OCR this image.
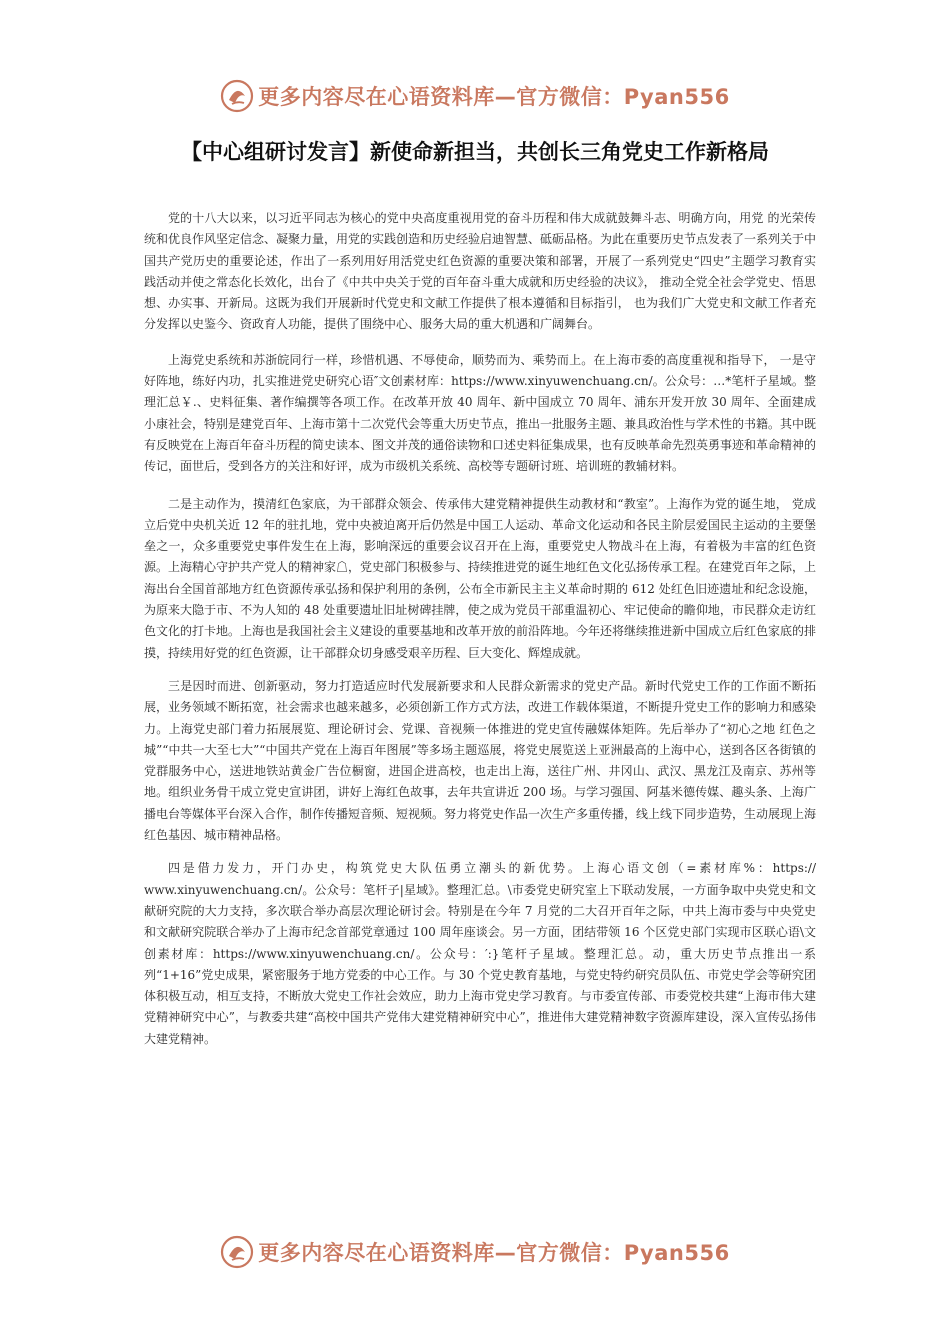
更多内容尽在心语资料库—官方微信：Pyan556
【中心组研讨发言】新使命新担当，共创长三角党史工作新格局

党的十八大以来，以习近平同志为核心的党中央高度重视用党的奋斗历程和伟大成就鼓舞斗志、明确方向，用党 的光荣传统和优良作风坚定信念、凝聚力量，用党的实践创造和历史经验启迪智慧、砥砺品格。为此在重要历史节点发表了一系列关于中国共产党历史的重要论述，作出了一系列用好用活党史红色资源的重要决策和部署，开展了一系列党史“四史”主题学习教育实践活动并使之常态化长效化，出台了《中共中央关于党的百年奋斗重大成就和历史经验的决议》， 推动全党全社会学党史、悟思想、办实事、开新局。这既为我们开展新时代党史和文献工作提供了根本遵循和目标指引， 也为我们广大党史和文献工作者充分发挥以史鉴今、资政育人功能，提供了围绕中心、服务大局的重大机遇和广阔舞台。

上海党史系统和苏浙皖同行一样，珍惜机遇、不辱使命，顺势而为、乘势而上。在上海市委的高度重视和指导下， 一是守好阵地，练好内功，扎实推进党史研究心语″文创素材库：https://www.xinyuwenchuang.cn/。公众号：…*笔杆子星域。整理汇总￥.、史料征集、著作编撰等各项工作。在改革开放 40 周年、新中国成立 70 周年、浦东开发开放 30 周年、全面建成小康社会，特别是建党百年、上海市第十二次党代会等重大历史节点，推出一批服务主题、兼具政治性与学术性的书籍。其中既有反映党在上海百年奋斗历程的简史读本、图文并茂的通俗读物和口述史料征集成果，也有反映革命先烈英勇事迹和革命精神的传记，面世后，受到各方的关注和好评，成为市级机关系统、高校等专题研讨班、培训班的教辅材料。

二是主动作为，摸清红色家底，为干部群众领会、传承伟大建党精神提供生动教材和“教室”。上海作为党的诞生地， 党成立后党中央机关近 12 年的驻扎地，党中央被迫离开后仍然是中国工人运动、革命文化运动和各民主阶层爱国民主运动的主要堡垒之一，众多重要党史事件发生在上海，影响深远的重要会议召开在上海，重要党史人物战斗在上海，有着极为丰富的红色资源。上海精心守护共产党人的精神家☖，党史部门积极参与、持续推进党的诞生地红色文化弘扬传承工程。在建党百年之际，上海出台全国首部地方红色资源传承弘扬和保护利用的条例，公布全市新民主主义革命时期的 612 处红色旧迹遗址和纪念设施，为原来大隐于市、不为人知的 48 处重要遗址旧址树碑挂牌，使之成为党员干部重温初心、牢记使命的瞻仰地，市民群众走访红色文化的打卡地。上海也是我国社会主义建设的重要基地和改革开放的前沿阵地。今年还将继续推进新中国成立后红色家底的排摸，持续用好党的红色资源，让干部群众切身感受艰辛历程、巨大变化、辉煌成就。

三是因时而进、创新驱动，努力打造适应时代发展新要求和人民群众新需求的党史产品。新时代党史工作的工作面不断拓展，业务领域不断拓宽，社会需求也越来越多，必须创新工作方式方法，改进工作载体渠道，不断提升党史工作的影响力和感染力。上海党史部门着力拓展展览、理论研讨会、党课、音视频一体推进的党史宣传融媒体矩阵。先后举办了“初心之地 红色之城”“中共一大至七大”“中国共产党在上海百年图展”等多场主题巡展，将党史展览送上亚洲最高的上海中心，送到各区各街镇的党群服务中心，送进地铁站黄金广告位橱窗，进国企进高校，也走出上海，送往广州、井冈山、武汉、黑龙江及南京、苏州等地。组织业务骨干成立党史宣讲团，讲好上海红色故事，去年共宣讲近 200 场。与学习强国、阿基米德传媒、趣头条、上海广播电台等媒体平台深入合作，制作传播短音频、短视频。努力将党史作品一次生产多重传播，线上线下同步造势，生动展现上海红色基因、城市精神品格。

四是借力发力，开门办史，构筑党史大队伍勇立潮头的新优势。上海心语文创（=素材库%：https:// www.xinyuwenchuang.cn/。公众号：笔杆子|星域》。整理汇总。\市委党史研究室上下联动发展，一方面争取中央党史和文献研究院的大力支持，多次联合举办高层次理论研讨会。特别是在今年 7 月党的二大召开百年之际，中共上海市委与中央党史和文献研究院联合举办了上海市纪念首部党章通过 100 周年座谈会。另一方面，团结带领 16 个区党史部门实现市区联心语\文创素材库：https://www.xinyuwenchuang.cn/。公众号：′:}笔杆子星域。整理汇总。动，重大历史节点推出一系列“1+16”党史成果，紧密服务于地方党委的中心工作。与 30 个党史教育基地，与党史特约研究员队伍、市党史学会等研究团体积极互动，相互支持，不断放大党史工作社会效应，助力上海市党史学习教育。与市委宣传部、市委党校共建“上海市伟大建党精神研究中心”，与教委共建“高校中国共产党伟大建党精神研究中心”，推进伟大建党精神数字资源库建设，深入宣传弘扬伟大建党精神。

更多内容尽在心语资料库—官方微信：Pyan556
